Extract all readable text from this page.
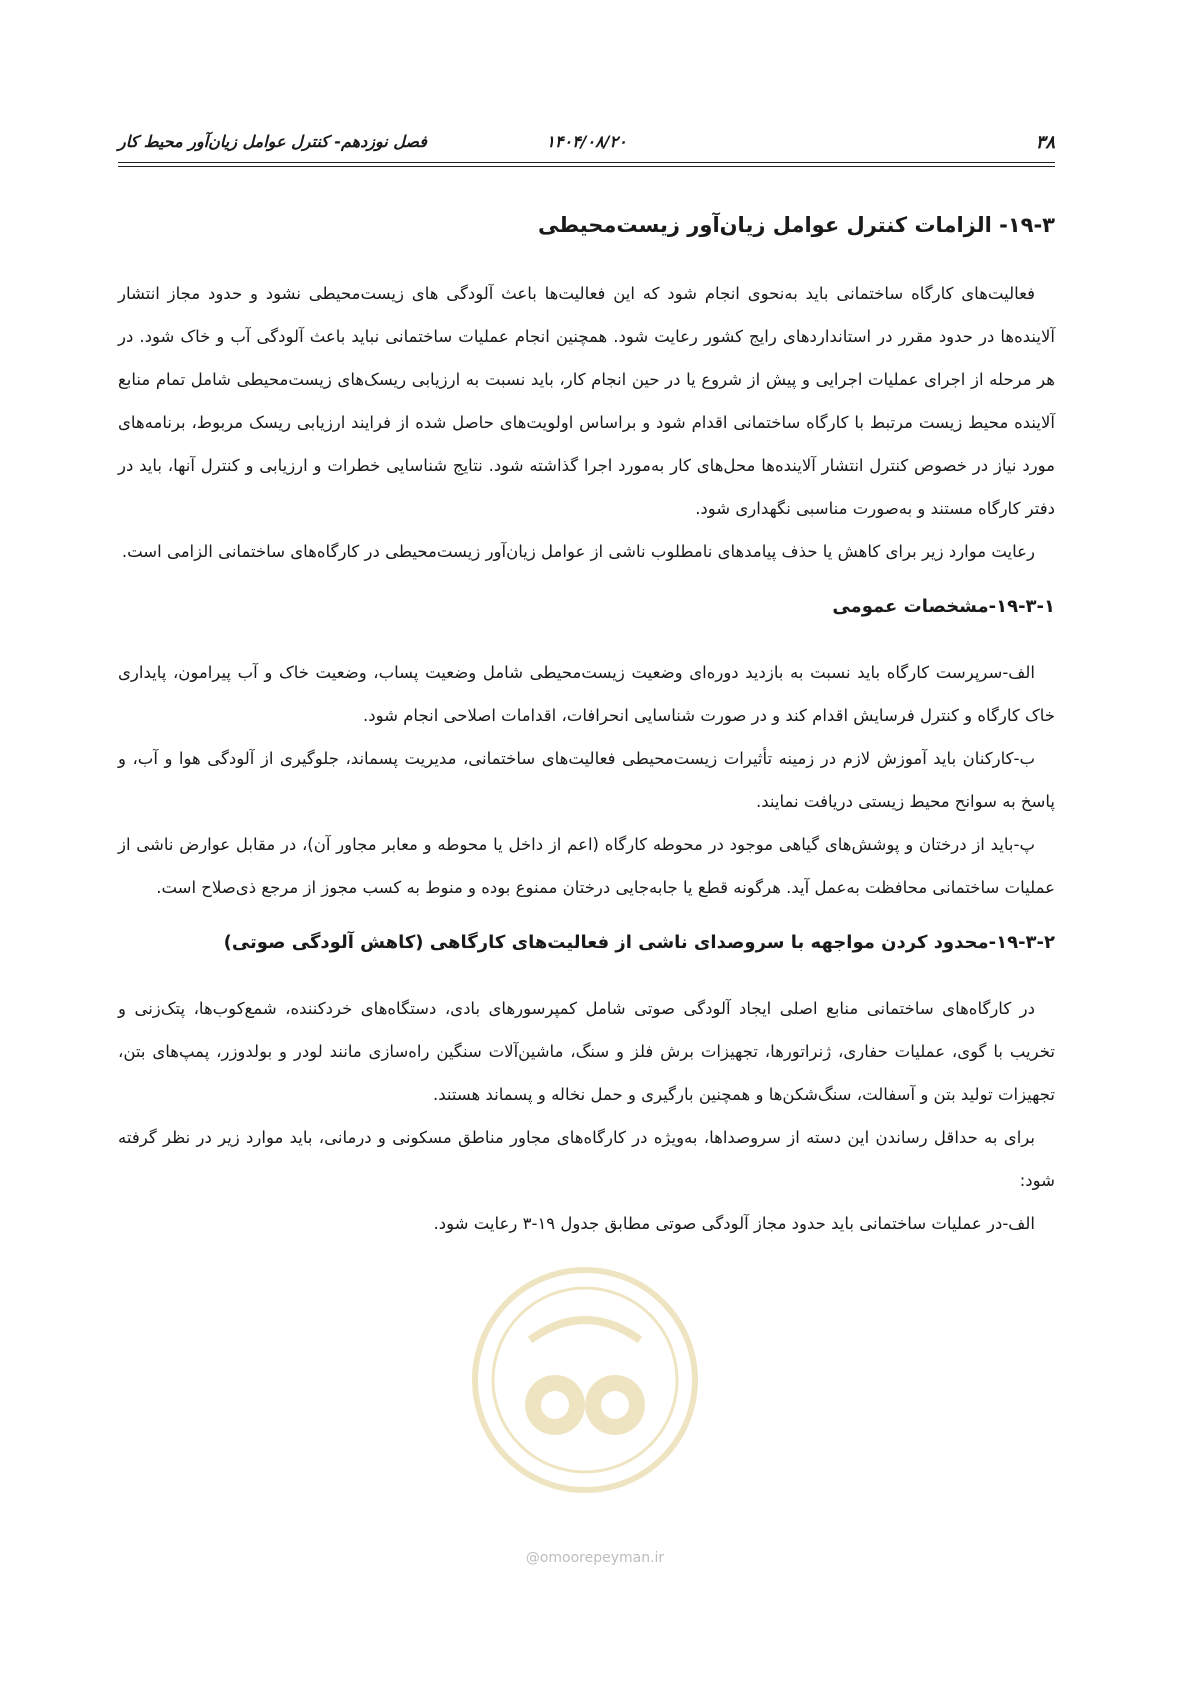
۳۸
۱۴۰۴/۰۸/۲۰
فصل نوزدهم- کنترل عوامل زیان‌آور محیط کار
۱۹-۳- الزامات کنترل عوامل زیان‌آور زیست‌محیطی

فعالیت‌های کارگاه ساختمانی باید به‌نحوی انجام شود که این فعالیت‌ها باعث آلودگی های زیست‌محیطی نشود و حدود مجاز انتشار آلاینده‌ها در حدود مقرر در استانداردهای رایج کشور رعایت شود. همچنین انجام عملیات ساختمانی نباید باعث آلودگی آب و خاک شود. در هر مرحله از اجرای عملیات اجرایی و پیش از شروع یا در حین انجام کار، باید نسبت به ارزیابی ریسک‌های زیست‌محیطی شامل تمام منابع آلاینده محیط زیست مرتبط با کارگاه ساختمانی اقدام شود و براساس اولویت‌های حاصل شده از فرایند ارزیابی ریسک مربوط، برنامه‌های مورد نیاز در خصوص کنترل انتشار آلاینده‌ها محل‌های کار به‌مورد اجرا گذاشته شود. نتایج شناسایی خطرات و ارزیابی و کنترل آنها، باید در دفتر کارگاه مستند و به‌صورت مناسبی نگهداری شود.

رعایت موارد زیر برای کاهش یا حذف پیامدهای نامطلوب ناشی از عوامل زیان‌آور زیست‌محیطی در کارگاه‌های ساختمانی الزامی است.

۱۹-۳-۱-مشخصات عمومی

الف-سرپرست کارگاه باید نسبت به بازدید دوره‌ای وضعیت زیست‌محیطی شامل وضعیت پساب، وضعیت خاک و آب پیرامون، پایداری خاک کارگاه و کنترل فرسایش اقدام کند و در صورت شناسایی انحرافات، اقدامات اصلاحی انجام شود.

ب-کارکنان باید آموزش لازم در زمینه تأثیرات زیست‌محیطی فعالیت‌های ساختمانی، مدیریت پسماند، جلوگیری از آلودگی هوا و آب، و پاسخ به سوانح محیط زیستی دریافت نمایند.

پ-باید از درختان و پوشش‌های گیاهی موجود در محوطه کارگاه (اعم از داخل یا محوطه و معابر مجاور آن)، در مقابل عوارض ناشی از عملیات ساختمانی محافظت به‌عمل آید. هرگونه قطع یا جابه‌جایی درختان ممنوع بوده و منوط به کسب مجوز از مرجع ذی‌صلاح است.

۱۹-۳-۲-محدود کردن مواجهه با سروصدای ناشی از فعالیت‌های کارگاهی (کاهش آلودگی صوتی)

در کارگاه‌های ساختمانی منابع اصلی ایجاد آلودگی صوتی شامل کمپرسورهای بادی، دستگاه‌های خردکننده، شمع‌کوب‌ها، پتک‌زنی و تخریب با گوی، عملیات حفاری، ژنراتورها، تجهیزات برش فلز و سنگ، ماشین‌آلات سنگین راه‌سازی مانند لودر و بولدوزر، پمپ‌های بتن، تجهیزات تولید بتن و آسفالت، سنگ‌شکن‌ها و همچنین بارگیری و حمل نخاله و پسماند هستند.

برای به حداقل رساندن این دسته از سروصداها، به‌ویژه در کارگاه‌های مجاور مناطق مسکونی و درمانی، باید موارد زیر در نظر گرفته شود:

الف-در عملیات ساختمانی باید حدود مجاز آلودگی صوتی مطابق جدول ۱۹-۳ رعایت شود.

@omoorepeyman.ir
